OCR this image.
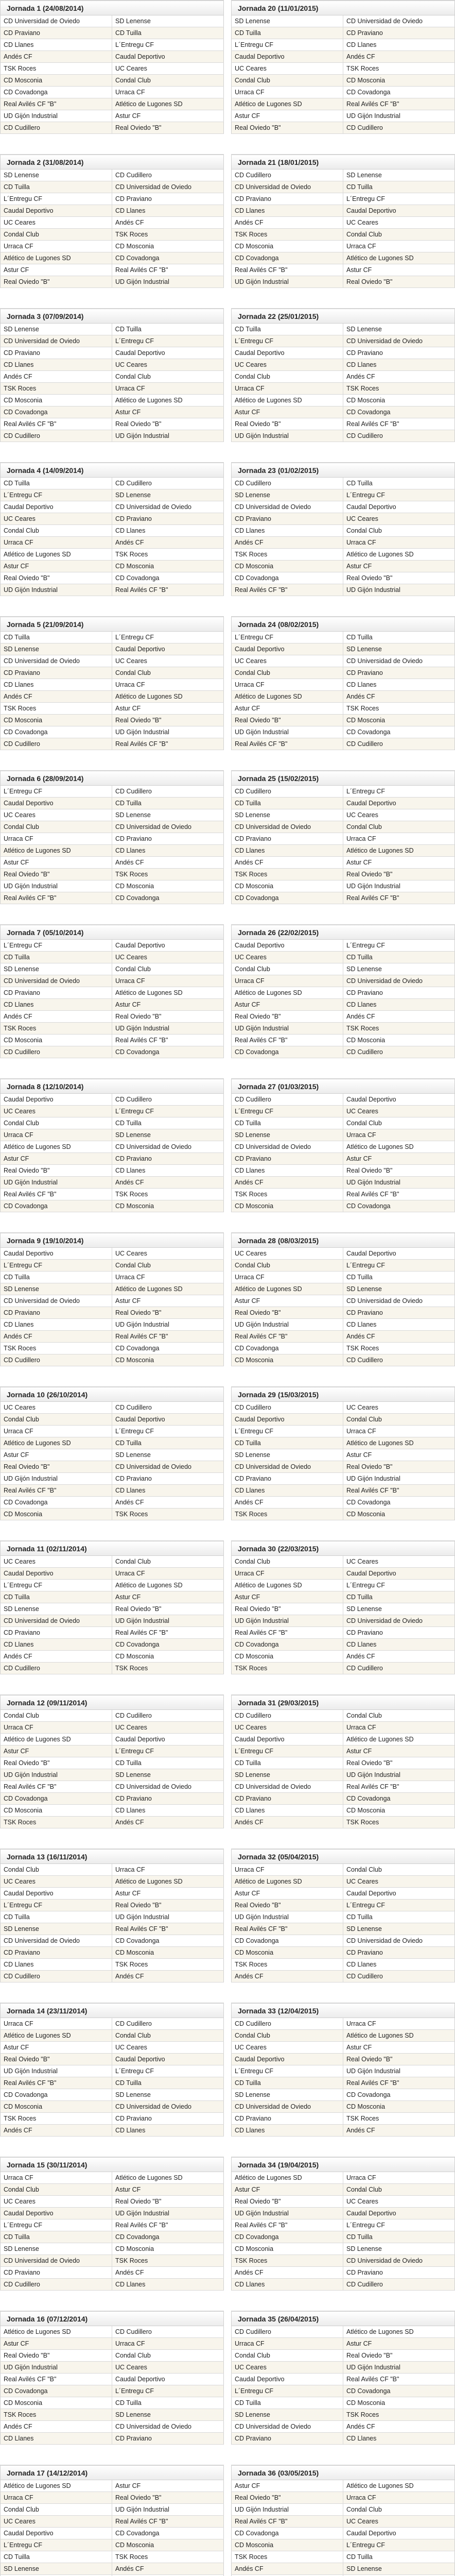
Jornada 1 (24/08/2014)	
CD Universidad de Oviedo	SD Lenense
CD Praviano	CD Tuilla
CD Llanes	L´Entregu CF
Andés CF	Caudal Deportivo
TSK Roces	UC Ceares
CD Mosconia	Condal Club
CD Covadonga	Urraca CF
Real Avilés CF "B"	Atlético de Lugones SD
UD Gijón Industrial	Astur CF
CD Cudillero	Real Oviedo "B"
Jornada 20 (11/01/2015)	
SD Lenense	CD Universidad de Oviedo
CD Tuilla	CD Praviano
L´Entregu CF	CD Llanes
Caudal Deportivo	Andés CF
UC Ceares	TSK Roces
Condal Club	CD Mosconia
Urraca CF	CD Covadonga
Atlético de Lugones SD	Real Avilés CF "B"
Astur CF	UD Gijón Industrial
Real Oviedo "B"	CD Cudillero
Jornada 2 (31/08/2014)	
SD Lenense	CD Cudillero
CD Tuilla	CD Universidad de Oviedo
L´Entregu CF	CD Praviano
Caudal Deportivo	CD Llanes
UC Ceares	Andés CF
Condal Club	TSK Roces
Urraca CF	CD Mosconia
Atlético de Lugones SD	CD Covadonga
Astur CF	Real Avilés CF "B"
Real Oviedo "B"	UD Gijón Industrial
Jornada 21 (18/01/2015)	
CD Cudillero	SD Lenense
CD Universidad de Oviedo	CD Tuilla
CD Praviano	L´Entregu CF
CD Llanes	Caudal Deportivo
Andés CF	UC Ceares
TSK Roces	Condal Club
CD Mosconia	Urraca CF
CD Covadonga	Atlético de Lugones SD
Real Avilés CF "B"	Astur CF
UD Gijón Industrial	Real Oviedo "B"
Jornada 3 (07/09/2014)	
SD Lenense	CD Tuilla
CD Universidad de Oviedo	L´Entregu CF
CD Praviano	Caudal Deportivo
CD Llanes	UC Ceares
Andés CF	Condal Club
TSK Roces	Urraca CF
CD Mosconia	Atlético de Lugones SD
CD Covadonga	Astur CF
Real Avilés CF "B"	Real Oviedo "B"
CD Cudillero	UD Gijón Industrial
Jornada 22 (25/01/2015)	
CD Tuilla	SD Lenense
L´Entregu CF	CD Universidad de Oviedo
Caudal Deportivo	CD Praviano
UC Ceares	CD Llanes
Condal Club	Andés CF
Urraca CF	TSK Roces
Atlético de Lugones SD	CD Mosconia
Astur CF	CD Covadonga
Real Oviedo "B"	Real Avilés CF "B"
UD Gijón Industrial	CD Cudillero
Jornada 4 (14/09/2014)	
CD Tuilla	CD Cudillero
L´Entregu CF	SD Lenense
Caudal Deportivo	CD Universidad de Oviedo
UC Ceares	CD Praviano
Condal Club	CD Llanes
Urraca CF	Andés CF
Atlético de Lugones SD	TSK Roces
Astur CF	CD Mosconia
Real Oviedo "B"	CD Covadonga
UD Gijón Industrial	Real Avilés CF "B"
Jornada 23 (01/02/2015)	
CD Cudillero	CD Tuilla
SD Lenense	L´Entregu CF
CD Universidad de Oviedo	Caudal Deportivo
CD Praviano	UC Ceares
CD Llanes	Condal Club
Andés CF	Urraca CF
TSK Roces	Atlético de Lugones SD
CD Mosconia	Astur CF
CD Covadonga	Real Oviedo "B"
Real Avilés CF "B"	UD Gijón Industrial
Jornada 5 (21/09/2014)	
CD Tuilla	L´Entregu CF
SD Lenense	Caudal Deportivo
CD Universidad de Oviedo	UC Ceares
CD Praviano	Condal Club
CD Llanes	Urraca CF
Andés CF	Atlético de Lugones SD
TSK Roces	Astur CF
CD Mosconia	Real Oviedo "B"
CD Covadonga	UD Gijón Industrial
CD Cudillero	Real Avilés CF "B"
Jornada 24 (08/02/2015)	
L´Entregu CF	CD Tuilla
Caudal Deportivo	SD Lenense
UC Ceares	CD Universidad de Oviedo
Condal Club	CD Praviano
Urraca CF	CD Llanes
Atlético de Lugones SD	Andés CF
Astur CF	TSK Roces
Real Oviedo "B"	CD Mosconia
UD Gijón Industrial	CD Covadonga
Real Avilés CF "B"	CD Cudillero
Jornada 6 (28/09/2014)	
L´Entregu CF	CD Cudillero
Caudal Deportivo	CD Tuilla
UC Ceares	SD Lenense
Condal Club	CD Universidad de Oviedo
Urraca CF	CD Praviano
Atlético de Lugones SD	CD Llanes
Astur CF	Andés CF
Real Oviedo "B"	TSK Roces
UD Gijón Industrial	CD Mosconia
Real Avilés CF "B"	CD Covadonga
Jornada 25 (15/02/2015)	
CD Cudillero	L´Entregu CF
CD Tuilla	Caudal Deportivo
SD Lenense	UC Ceares
CD Universidad de Oviedo	Condal Club
CD Praviano	Urraca CF
CD Llanes	Atlético de Lugones SD
Andés CF	Astur CF
TSK Roces	Real Oviedo "B"
CD Mosconia	UD Gijón Industrial
CD Covadonga	Real Avilés CF "B"
Jornada 7 (05/10/2014)	
L´Entregu CF	Caudal Deportivo
CD Tuilla	UC Ceares
SD Lenense	Condal Club
CD Universidad de Oviedo	Urraca CF
CD Praviano	Atlético de Lugones SD
CD Llanes	Astur CF
Andés CF	Real Oviedo "B"
TSK Roces	UD Gijón Industrial
CD Mosconia	Real Avilés CF "B"
CD Cudillero	CD Covadonga
Jornada 26 (22/02/2015)	
Caudal Deportivo	L´Entregu CF
UC Ceares	CD Tuilla
Condal Club	SD Lenense
Urraca CF	CD Universidad de Oviedo
Atlético de Lugones SD	CD Praviano
Astur CF	CD Llanes
Real Oviedo "B"	Andés CF
UD Gijón Industrial	TSK Roces
Real Avilés CF "B"	CD Mosconia
CD Covadonga	CD Cudillero
Jornada 8 (12/10/2014)	
Caudal Deportivo	CD Cudillero
UC Ceares	L´Entregu CF
Condal Club	CD Tuilla
Urraca CF	SD Lenense
Atlético de Lugones SD	CD Universidad de Oviedo
Astur CF	CD Praviano
Real Oviedo "B"	CD Llanes
UD Gijón Industrial	Andés CF
Real Avilés CF "B"	TSK Roces
CD Covadonga	CD Mosconia
Jornada 27 (01/03/2015)	
CD Cudillero	Caudal Deportivo
L´Entregu CF	UC Ceares
CD Tuilla	Condal Club
SD Lenense	Urraca CF
CD Universidad de Oviedo	Atlético de Lugones SD
CD Praviano	Astur CF
CD Llanes	Real Oviedo "B"
Andés CF	UD Gijón Industrial
TSK Roces	Real Avilés CF "B"
CD Mosconia	CD Covadonga
Jornada 9 (19/10/2014)	
Caudal Deportivo	UC Ceares
L´Entregu CF	Condal Club
CD Tuilla	Urraca CF
SD Lenense	Atlético de Lugones SD
CD Universidad de Oviedo	Astur CF
CD Praviano	Real Oviedo "B"
CD Llanes	UD Gijón Industrial
Andés CF	Real Avilés CF "B"
TSK Roces	CD Covadonga
CD Cudillero	CD Mosconia
Jornada 28 (08/03/2015)	
UC Ceares	Caudal Deportivo
Condal Club	L´Entregu CF
Urraca CF	CD Tuilla
Atlético de Lugones SD	SD Lenense
Astur CF	CD Universidad de Oviedo
Real Oviedo "B"	CD Praviano
UD Gijón Industrial	CD Llanes
Real Avilés CF "B"	Andés CF
CD Covadonga	TSK Roces
CD Mosconia	CD Cudillero
Jornada 10 (26/10/2014)	
UC Ceares	CD Cudillero
Condal Club	Caudal Deportivo
Urraca CF	L´Entregu CF
Atlético de Lugones SD	CD Tuilla
Astur CF	SD Lenense
Real Oviedo "B"	CD Universidad de Oviedo
UD Gijón Industrial	CD Praviano
Real Avilés CF "B"	CD Llanes
CD Covadonga	Andés CF
CD Mosconia	TSK Roces
Jornada 29 (15/03/2015)	
CD Cudillero	UC Ceares
Caudal Deportivo	Condal Club
L´Entregu CF	Urraca CF
CD Tuilla	Atlético de Lugones SD
SD Lenense	Astur CF
CD Universidad de Oviedo	Real Oviedo "B"
CD Praviano	UD Gijón Industrial
CD Llanes	Real Avilés CF "B"
Andés CF	CD Covadonga
TSK Roces	CD Mosconia
Jornada 11 (02/11/2014)	
UC Ceares	Condal Club
Caudal Deportivo	Urraca CF
L´Entregu CF	Atlético de Lugones SD
CD Tuilla	Astur CF
SD Lenense	Real Oviedo "B"
CD Universidad de Oviedo	UD Gijón Industrial
CD Praviano	Real Avilés CF "B"
CD Llanes	CD Covadonga
Andés CF	CD Mosconia
CD Cudillero	TSK Roces
Jornada 30 (22/03/2015)	
Condal Club	UC Ceares
Urraca CF	Caudal Deportivo
Atlético de Lugones SD	L´Entregu CF
Astur CF	CD Tuilla
Real Oviedo "B"	SD Lenense
UD Gijón Industrial	CD Universidad de Oviedo
Real Avilés CF "B"	CD Praviano
CD Covadonga	CD Llanes
CD Mosconia	Andés CF
TSK Roces	CD Cudillero
Jornada 12 (09/11/2014)	
Condal Club	CD Cudillero
Urraca CF	UC Ceares
Atlético de Lugones SD	Caudal Deportivo
Astur CF	L´Entregu CF
Real Oviedo "B"	CD Tuilla
UD Gijón Industrial	SD Lenense
Real Avilés CF "B"	CD Universidad de Oviedo
CD Covadonga	CD Praviano
CD Mosconia	CD Llanes
TSK Roces	Andés CF
Jornada 31 (29/03/2015)	
CD Cudillero	Condal Club
UC Ceares	Urraca CF
Caudal Deportivo	Atlético de Lugones SD
L´Entregu CF	Astur CF
CD Tuilla	Real Oviedo "B"
SD Lenense	UD Gijón Industrial
CD Universidad de Oviedo	Real Avilés CF "B"
CD Praviano	CD Covadonga
CD Llanes	CD Mosconia
Andés CF	TSK Roces
Jornada 13 (16/11/2014)	
Condal Club	Urraca CF
UC Ceares	Atlético de Lugones SD
Caudal Deportivo	Astur CF
L´Entregu CF	Real Oviedo "B"
CD Tuilla	UD Gijón Industrial
SD Lenense	Real Avilés CF "B"
CD Universidad de Oviedo	CD Covadonga
CD Praviano	CD Mosconia
CD Llanes	TSK Roces
CD Cudillero	Andés CF
Jornada 32 (05/04/2015)	
Urraca CF	Condal Club
Atlético de Lugones SD	UC Ceares
Astur CF	Caudal Deportivo
Real Oviedo "B"	L´Entregu CF
UD Gijón Industrial	CD Tuilla
Real Avilés CF "B"	SD Lenense
CD Covadonga	CD Universidad de Oviedo
CD Mosconia	CD Praviano
TSK Roces	CD Llanes
Andés CF	CD Cudillero
Jornada 14 (23/11/2014)	
Urraca CF	CD Cudillero
Atlético de Lugones SD	Condal Club
Astur CF	UC Ceares
Real Oviedo "B"	Caudal Deportivo
UD Gijón Industrial	L´Entregu CF
Real Avilés CF "B"	CD Tuilla
CD Covadonga	SD Lenense
CD Mosconia	CD Universidad de Oviedo
TSK Roces	CD Praviano
Andés CF	CD Llanes
Jornada 33 (12/04/2015)	
CD Cudillero	Urraca CF
Condal Club	Atlético de Lugones SD
UC Ceares	Astur CF
Caudal Deportivo	Real Oviedo "B"
L´Entregu CF	UD Gijón Industrial
CD Tuilla	Real Avilés CF "B"
SD Lenense	CD Covadonga
CD Universidad de Oviedo	CD Mosconia
CD Praviano	TSK Roces
CD Llanes	Andés CF
Jornada 15 (30/11/2014)	
Urraca CF	Atlético de Lugones SD
Condal Club	Astur CF
UC Ceares	Real Oviedo "B"
Caudal Deportivo	UD Gijón Industrial
L´Entregu CF	Real Avilés CF "B"
CD Tuilla	CD Covadonga
SD Lenense	CD Mosconia
CD Universidad de Oviedo	TSK Roces
CD Praviano	Andés CF
CD Cudillero	CD Llanes
Jornada 34 (19/04/2015)	
Atlético de Lugones SD	Urraca CF
Astur CF	Condal Club
Real Oviedo "B"	UC Ceares
UD Gijón Industrial	Caudal Deportivo
Real Avilés CF "B"	L´Entregu CF
CD Covadonga	CD Tuilla
CD Mosconia	SD Lenense
TSK Roces	CD Universidad de Oviedo
Andés CF	CD Praviano
CD Llanes	CD Cudillero
Jornada 16 (07/12/2014)	
Atlético de Lugones SD	CD Cudillero
Astur CF	Urraca CF
Real Oviedo "B"	Condal Club
UD Gijón Industrial	UC Ceares
Real Avilés CF "B"	Caudal Deportivo
CD Covadonga	L´Entregu CF
CD Mosconia	CD Tuilla
TSK Roces	SD Lenense
Andés CF	CD Universidad de Oviedo
CD Llanes	CD Praviano
Jornada 35 (26/04/2015)	
CD Cudillero	Atlético de Lugones SD
Urraca CF	Astur CF
Condal Club	Real Oviedo "B"
UC Ceares	UD Gijón Industrial
Caudal Deportivo	Real Avilés CF "B"
L´Entregu CF	CD Covadonga
CD Tuilla	CD Mosconia
SD Lenense	TSK Roces
CD Universidad de Oviedo	Andés CF
CD Praviano	CD Llanes
Jornada 17 (14/12/2014)	
Atlético de Lugones SD	Astur CF
Urraca CF	Real Oviedo "B"
Condal Club	UD Gijón Industrial
UC Ceares	Real Avilés CF "B"
Caudal Deportivo	CD Covadonga
L´Entregu CF	CD Mosconia
CD Tuilla	TSK Roces
SD Lenense	Andés CF

Jornada 36 (03/05/2015)	
Astur CF	Atlético de Lugones SD
Real Oviedo "B"	Urraca CF
UD Gijón Industrial	Condal Club
Real Avilés CF "B"	UC Ceares
CD Covadonga	Caudal Deportivo
CD Mosconia	L´Entregu CF
TSK Roces	CD Tuilla
Andés CF	SD Lenense
